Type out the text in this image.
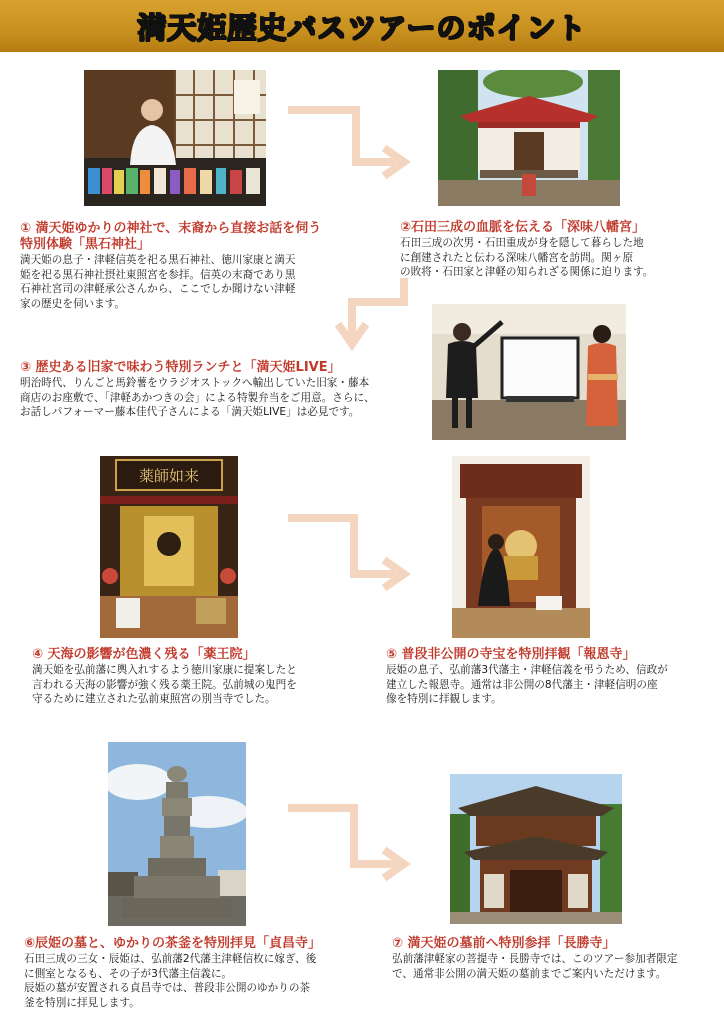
満天姫歴史バスツアーのポイント
① 満天姫ゆかりの神社で、末裔から直接お話を伺う
特別体験「黒石神社」
満天姫の息子・津軽信英を祀る黒石神社、徳川家康と満天
姫を祀る黒石神社摂社東照宮を参拝。信英の末裔であり黒
石神社宮司の津軽承公さんから、ここでしか聞けない津軽
家の歴史を伺います。
②石田三成の血脈を伝える「深味八幡宮」
石田三成の次男・石田重成が身を隠して暮らした地
に創建されたと伝わる深味八幡宮を訪問。関ヶ原
の敗将・石田家と津軽の知られざる関係に迫ります。
③ 歴史ある旧家で味わう特別ランチと「満天姫LIVE」
明治時代、りんごと馬鈴薯をウラジオストックへ輸出していた旧家・藤本
商店のお座敷で、「津軽あかつきの会」による特製弁当をご用意。さらに、
お話しパフォーマー藤本佳代子さんによる「満天姫LIVE」は必見です。
薬師如来
④ 天海の影響が色濃く残る「薬王院」
満天姫を弘前藩に輿入れするよう徳川家康に提案したと
言われる天海の影響が強く残る薬王院。弘前城の鬼門を
守るために建立された弘前東照宮の別当寺でした。
⑤ 普段非公開の寺宝を特別拝観「報恩寺」
辰姫の息子、弘前藩3代藩主・津軽信義を弔うため、信政が
建立した報恩寺。通常は非公開の8代藩主・津軽信明の座
像を特別に拝観します。
⑥辰姫の墓と、ゆかりの茶釜を特別拝見「貞昌寺」
石田三成の三女・辰姫は、弘前藩2代藩主津軽信枚に嫁ぎ、後
に側室となるも、その子が3代藩主信義に。
辰姫の墓が安置される貞昌寺では、普段非公開のゆかりの茶
釜を特別に拝見します。
⑦ 満天姫の墓前へ特別参拝「長勝寺」
弘前藩津軽家の菩提寺・長勝寺では、このツアー参加者限定
で、通常非公開の満天姫の墓前までご案内いただけます。
